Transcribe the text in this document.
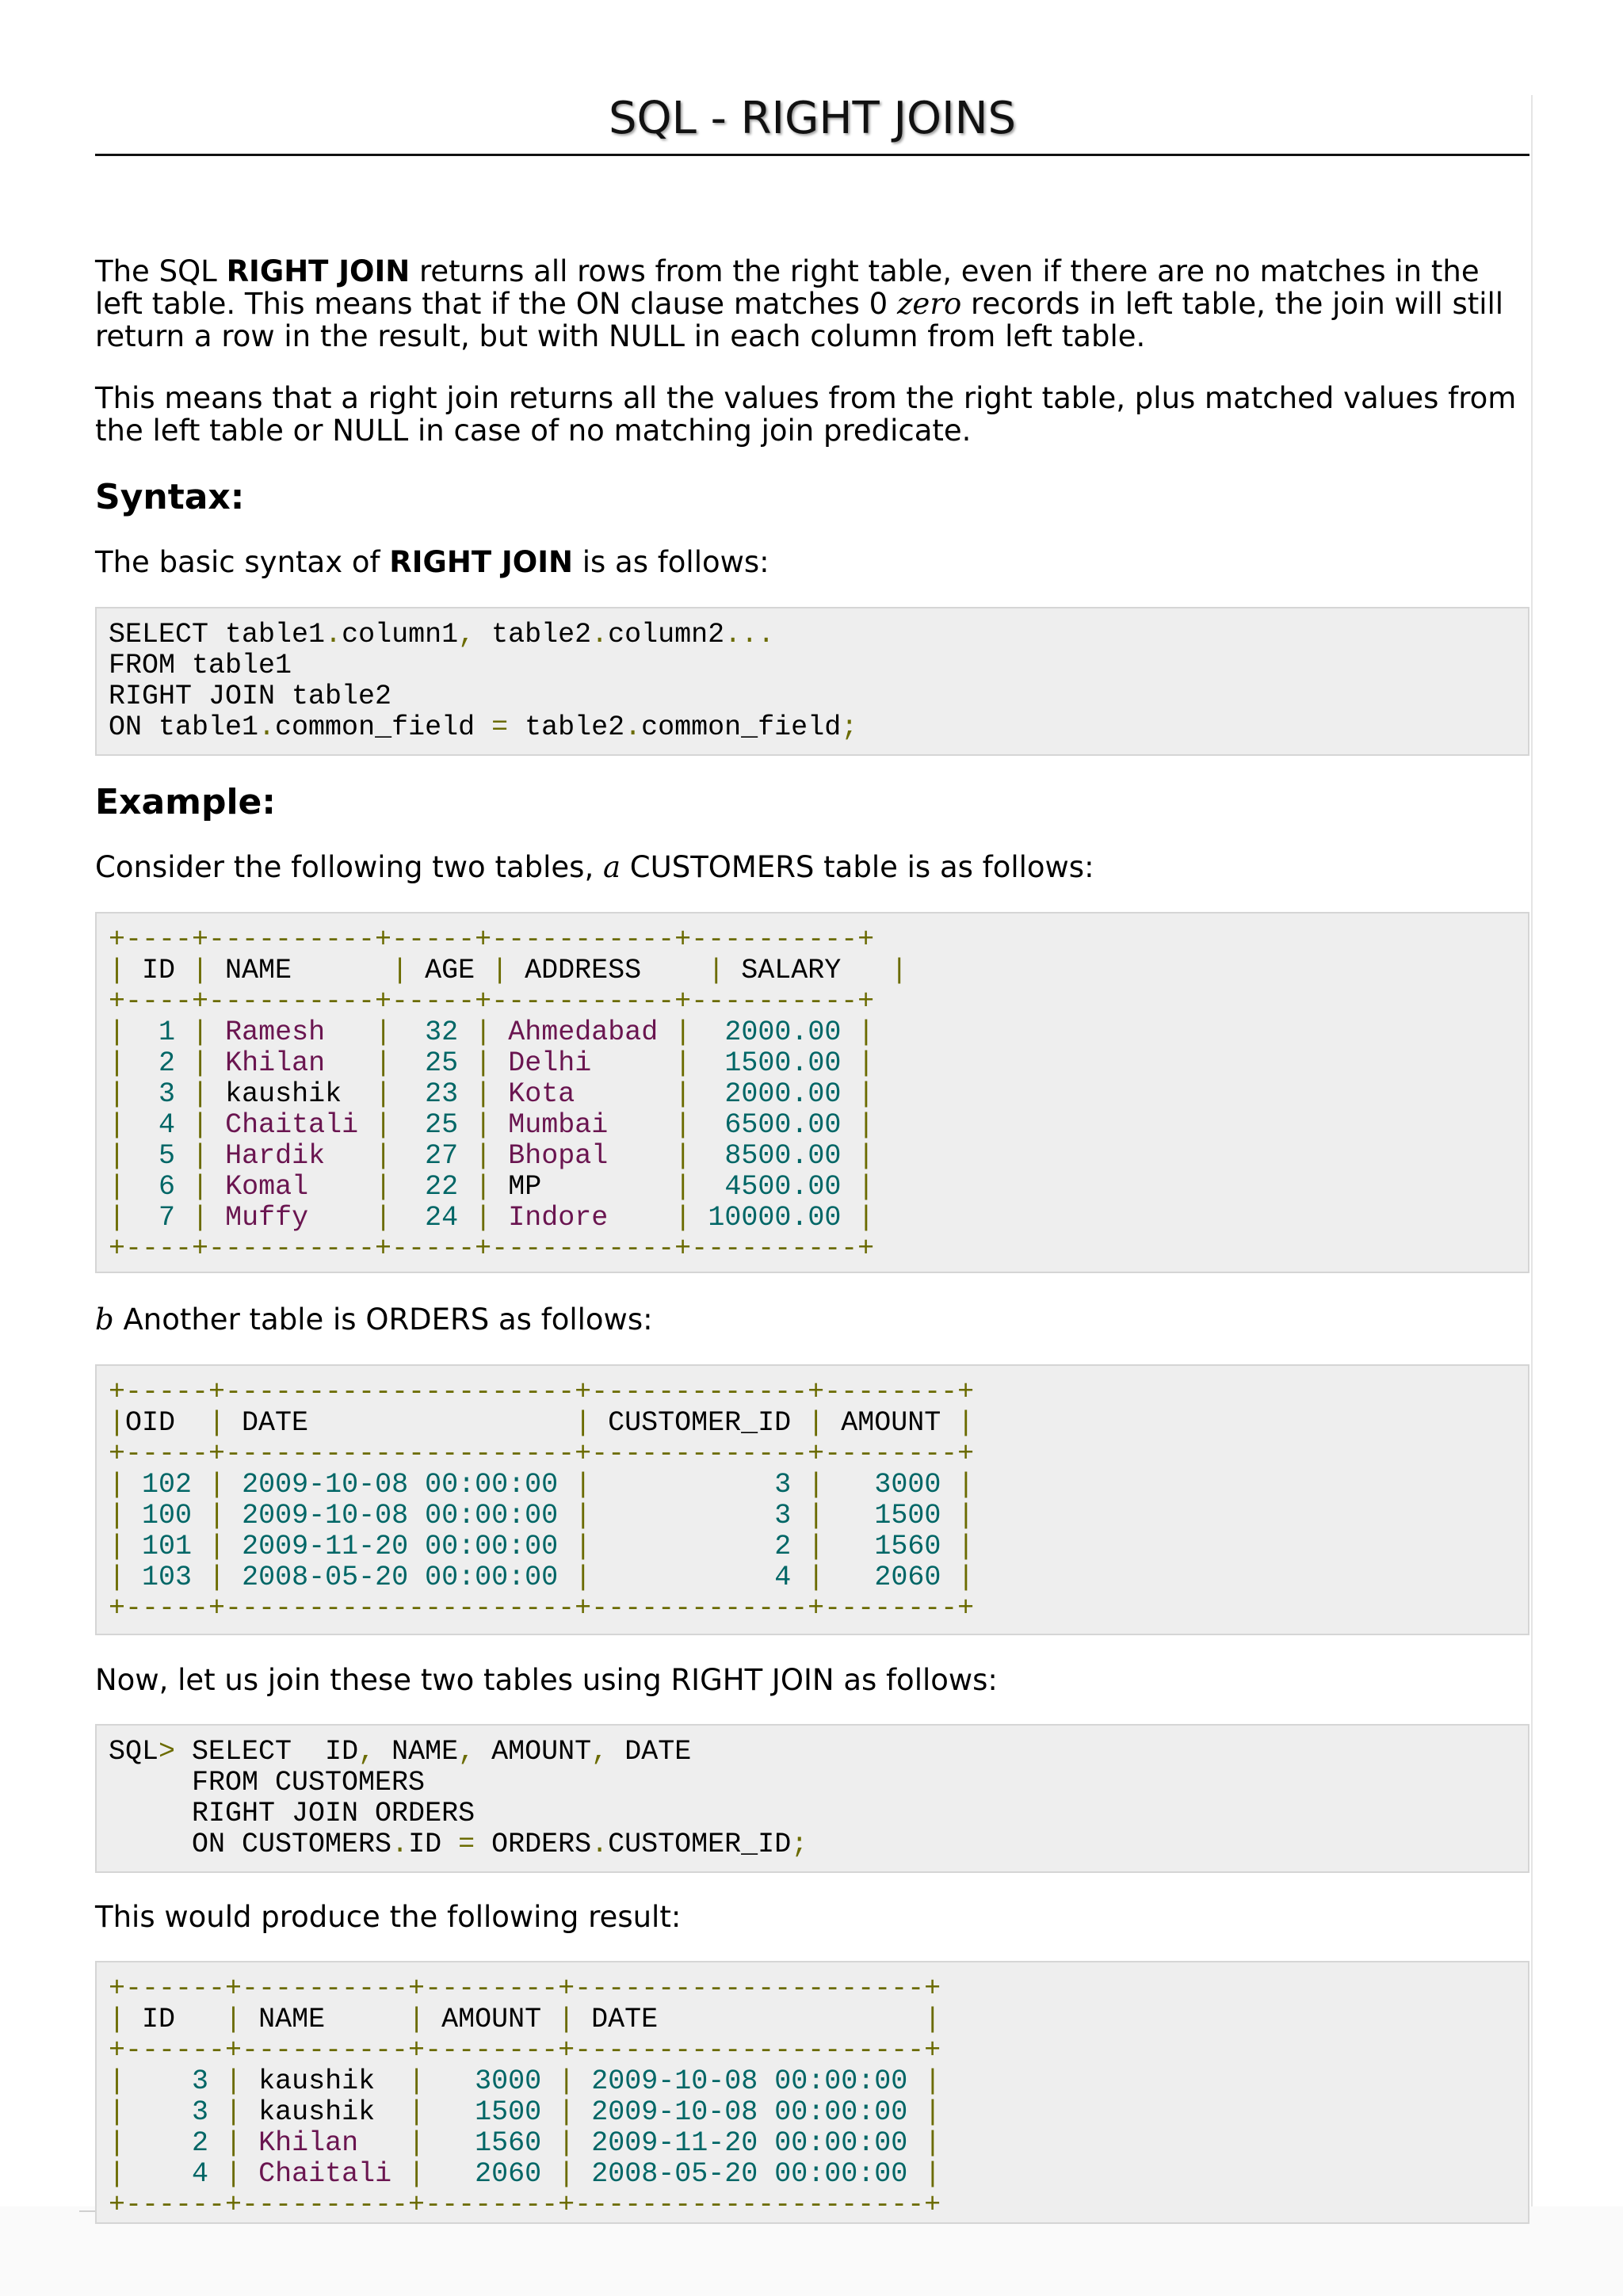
SQL - RIGHT JOINS

The SQL RIGHT JOIN returns all rows from the right table, even if there are no matches in the left table. This means that if the ON clause matches 0 zero records in left table, the join will still return a row in the result, but with NULL in each column from left table.

This means that a right join returns all the values from the right table, plus matched values from the left table or NULL in case of no matching join predicate.

Syntax:

The basic syntax of RIGHT JOIN is as follows:

SELECT table1.column1, table2.column2...
FROM table1
RIGHT JOIN table2
ON table1.common_field = table2.common_field;
Example:

Consider the following two tables, a CUSTOMERS table is as follows:

+----+----------+-----+-----------+----------+
| ID | NAME	| AGE | ADDRESS    | SALARY |
+----+----------+-----+-----------+----------+
| 1 | Ramesh | 32 | Ahmedabad | 2000.00 |
| 2 | Khilan | 25 | Delhi	| 1500.00 |
| 3 | kaushik | 23 | Kota	| 2000.00 |
| 4 | Chaitali | 25 | Mumbai | 6500.00 |
| 5 | Hardik | 27 | Bhopal | 8500.00 |
| 6 | Komal | 22 | MP	| 4500.00 |
| 7 | Muffy | 24 | Indore | 10000.00 |
+----+----------+-----+-----------+----------+

b Another table is ORDERS as follows:

+-----+---------------------+-------------+--------+
|OID  | DATE                | CUSTOMER_ID | AMOUNT |
+-----+---------------------+-------------+--------+
| 102 | 2009-10-08 00:00:00 |	3 | 3000 |
| 100 | 2009-10-08 00:00:00 |	3 | 1500 |
| 101 | 2009-11-20 00:00:00 |	2 | 1560 |
| 103 | 2008-05-20 00:00:00 |	4 | 2060 |
+-----+---------------------+-------------+--------+

Now, let us join these two tables using RIGHT JOIN as follows:

SQL> SELECT  ID, NAME, AMOUNT, DATE
FROM CUSTOMERS
RIGHT JOIN ORDERS
ON CUSTOMERS.ID = ORDERS.CUSTOMER_ID;

This would produce the following result:

+------+----------+--------+---------------------+
| ID   | NAME     | AMOUNT | DATE	|
+------+----------+--------+---------------------+
| 3 | kaushik | 3000 | 2009-10-08 00:00:00 |
| 3 | kaushik | 1500 | 2009-10-08 00:00:00 |
| 2 | Khilan | 1560 | 2009-11-20 00:00:00 |
| 4 | Chaitali | 2060 | 2008-05-20 00:00:00 |
+------+----------+--------+---------------------+
